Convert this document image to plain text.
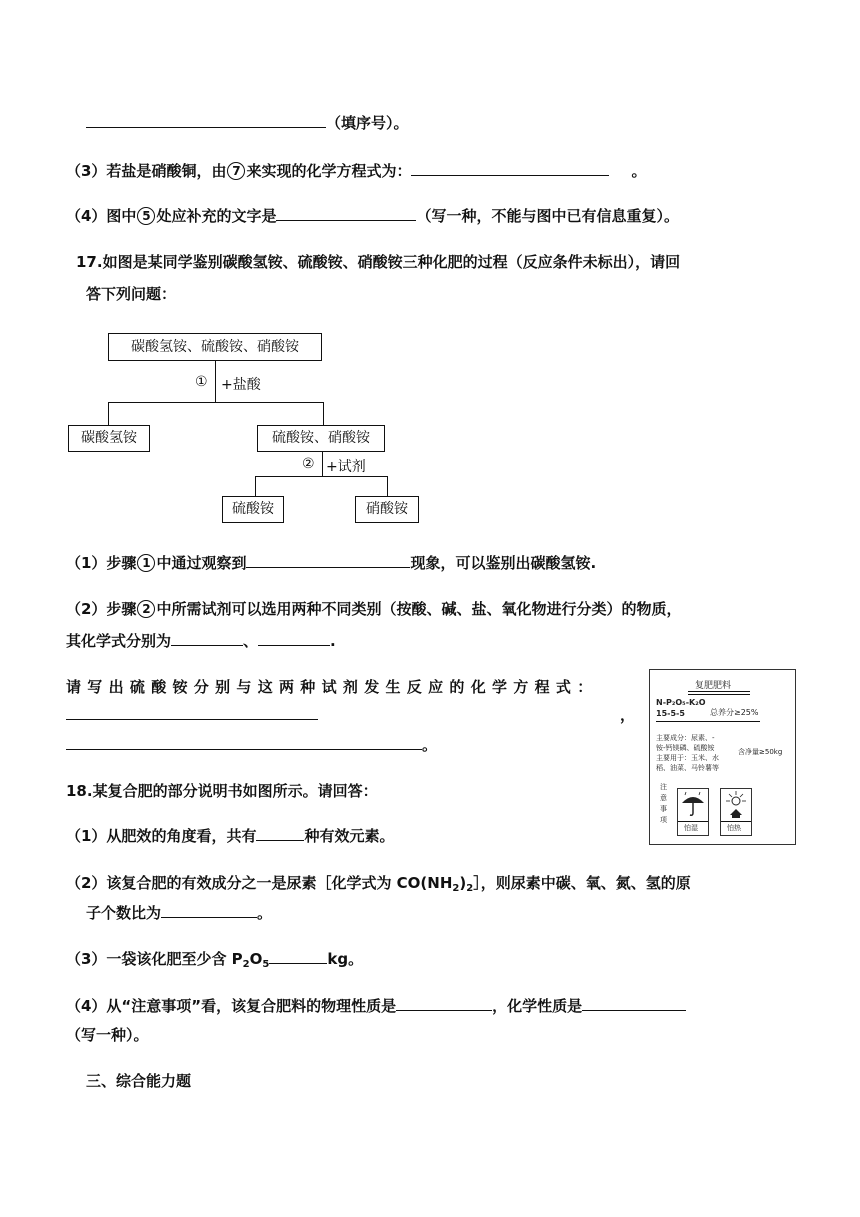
（填序号）。
（3）若盐是硝酸铜，由 7 来实现的化学方程式为：	。
（4）图中 5 处应补充的文字是	（写一种，不能与图中已有信息重复）。
17.如图是某同学鉴别碳酸氢铵、硫酸铵、硝酸铵三种化肥的过程（反应条件未标出），请回
答下列问题：
碳酸氢铵、硫酸铵、硝酸铵
① +盐酸
碳酸氢铵	硫酸铵、硝酸铵
② +试剂
硫酸铵	硝酸铵
（1）步骤 1 中通过观察到	现象，可以鉴别出碳酸氢铵.
（2）步骤 2 中所需试剂可以选用两种不同类别（按酸、碱、盐、氧化物进行分类）的物质，
其化学式分别为	、	.
请写出硫酸铵分别与这两种试剂发生反应的化学方程式：
，
。
18.某复合肥的部分说明书如图所示。请回答：
复肥肥料
N-P₂O₅-K₂O
15-5-5	总养分≥25%
主要成分：尿素、-
铵-钙镁磷、硫酸铵	含净量≥50kg
主要用于：玉米、水
稻、油菜、马铃薯等
注
意
事
项
怕湿	怕热
（1）从肥效的角度看，共有	种有效元素。
（2）该复合肥的有效成分之一是尿素［化学式为 $CO(NH_2)_2]$，则尿素中碳、氧、氮、氢的原
子个数比为	。
（3）一袋该化肥至少含 $P_2O_5$	kg。
（4）从“注意事项”看，该复合肥料的物理性质是	，化学性质是
（写一种）。
三、综合能力题
